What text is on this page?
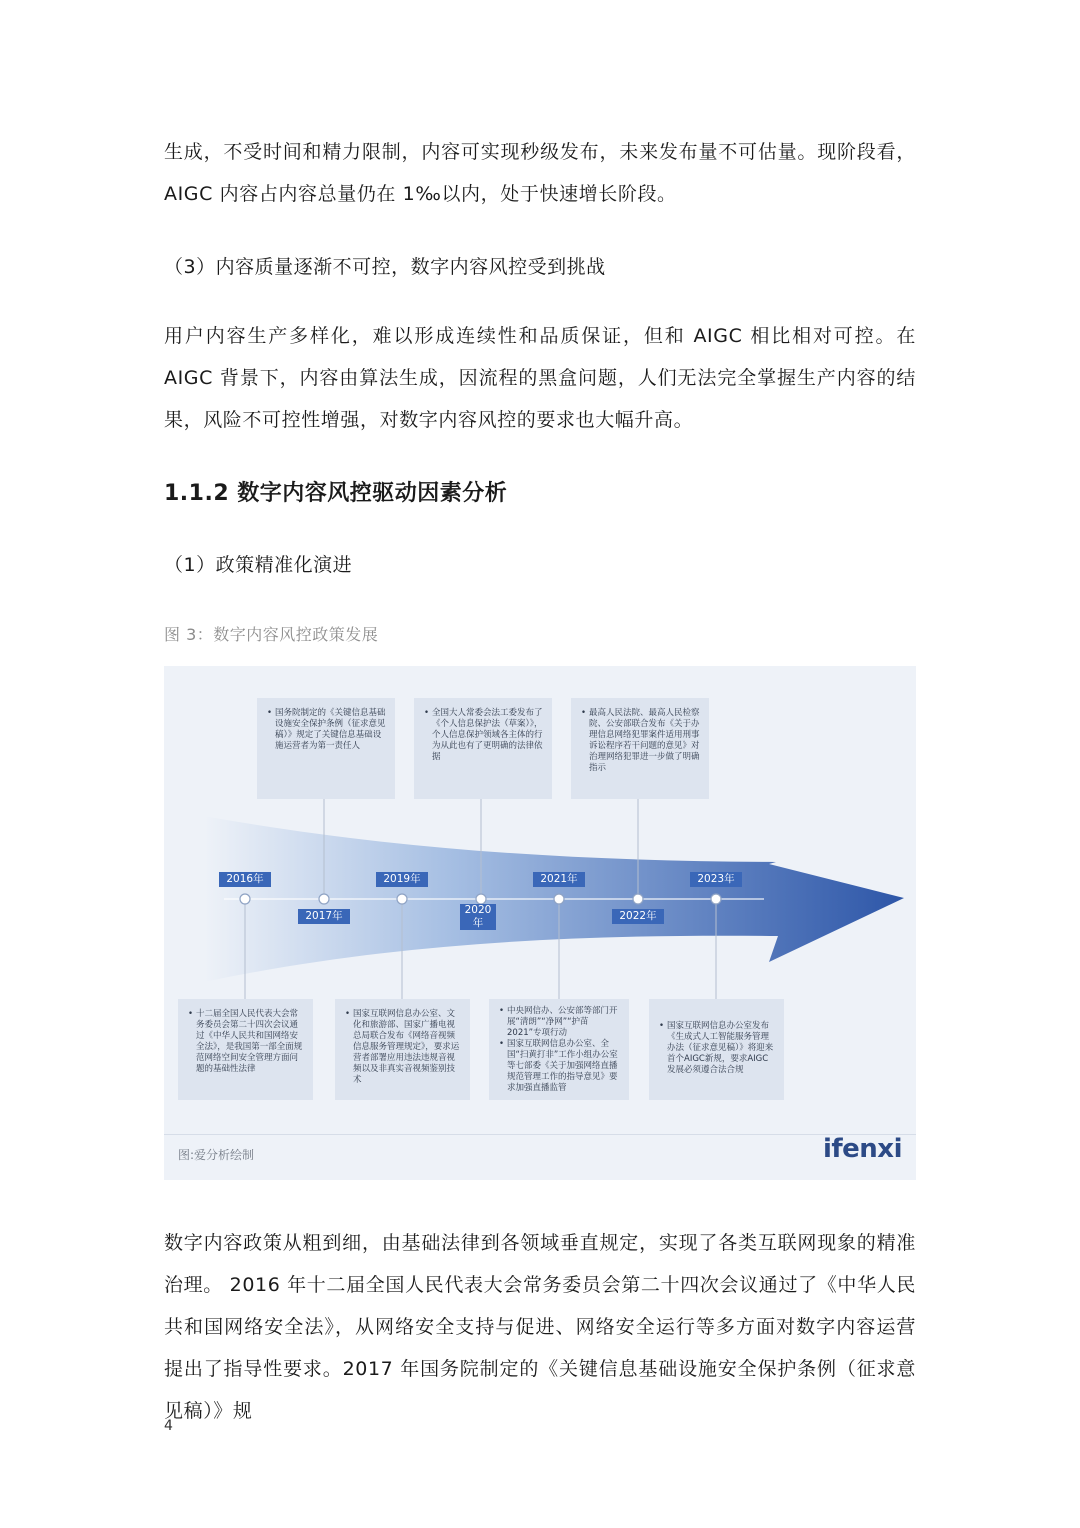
生成，不受时间和精力限制，内容可实现秒级发布，未来发布量不可估量。现阶段看，AIGC 内容占内容总量仍在 1‰以内，处于快速增长阶段。

（3）内容质量逐渐不可控，数字内容风控受到挑战

用户内容生产多样化，难以形成连续性和品质保证，但和 AIGC 相比相对可控。在 AIGC 背景下，内容由算法生成，因流程的黑盒问题，人们无法完全掌握生产内容的结果，风险不可控性增强，对数字内容风控的要求也大幅升高。

1.1.2 数字内容风控驱动因素分析

（1）政策精准化演进

图 3：数字内容风控政策发展

2016年
2017年
2019年
2020年
2021年
2022年
2023年
• 国务院制定的《关键信息基础设施安全保护条例（征求意见稿）》规定了关键信息基础设施运营者为第一责任人
• 全国大人常委会法工委发布了《个人信息保护法（草案）》，个人信息保护领域各主体的行为从此也有了更明确的法律依据
• 最高人民法院、最高人民检察院、公安部联合发布《关于办理信息网络犯罪案件适用刑事诉讼程序若干问题的意见》对治理网络犯罪进一步做了明确指示
• 十二届全国人民代表大会常务委员会第二十四次会议通过《中华人民共和国网络安全法》，是我国第一部全面规范网络空间安全管理方面问题的基础性法律
• 国家互联网信息办公室、文化和旅游部、国家广播电视总局联合发布《网络音视频信息服务管理规定》，要求运营者部署应用违法违规音视频以及非真实音视频鉴别技术
• 中央网信办、公安部等部门开展“清朗”“净网”“护苗2021”专项行动
• 国家互联网信息办公室、全国“扫黄打非”工作小组办公室等七部委《关于加强网络直播规范管理工作的指导意见》要求加强直播监管
• 国家互联网信息办公室发布《生成式人工智能服务管理办法（征求意见稿）》将迎来首个AIGC新规，要求AIGC发展必须遵合法合规
图:爱分析绘制	ifenxi

数字内容政策从粗到细，由基础法律到各领域垂直规定，实现了各类互联网现象的精准治理。 2016 年十二届全国人民代表大会常务委员会第二十四次会议通过了《中华人民共和国网络安全法》，从网络安全支持与促进、网络安全运行等多方面对数字内容运营提出了指导性要求。2017 年国务院制定的《关键信息基础设施安全保护条例（征求意见稿）》规

4
